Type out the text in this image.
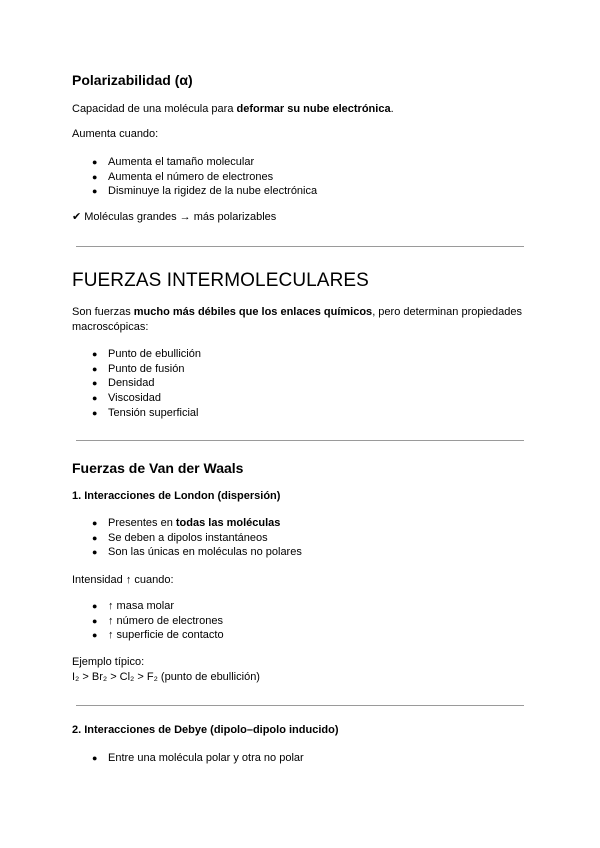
Polarizabilidad (α)

Capacidad de una molécula para deformar su nube electrónica.

Aumenta cuando:

● Aumenta el tamaño molecular
● Aumenta el número de electrones
● Disminuye la rigidez de la nube electrónica

✔ Moléculas grandes → más polarizables

FUERZAS INTERMOLECULARES

Son fuerzas mucho más débiles que los enlaces químicos, pero determinan propiedades macroscópicas:

● Punto de ebullición
● Punto de fusión
● Densidad
● Viscosidad
● Tensión superficial
Fuerzas de Van der Waals
1. Interacciones de London (dispersión)
● Presentes en todas las moléculas
● Se deben a dipolos instantáneos
● Son las únicas en moléculas no polares

Intensidad ↑ cuando:

● ↑ masa molar
● ↑ número de electrones
● ↑ superficie de contacto

Ejemplo típico:

I₂ > Br₂ > Cl₂ > F₂ (punto de ebullición)

2. Interacciones de Debye (dipolo–dipolo inducido)
● Entre una molécula polar y otra no polar
